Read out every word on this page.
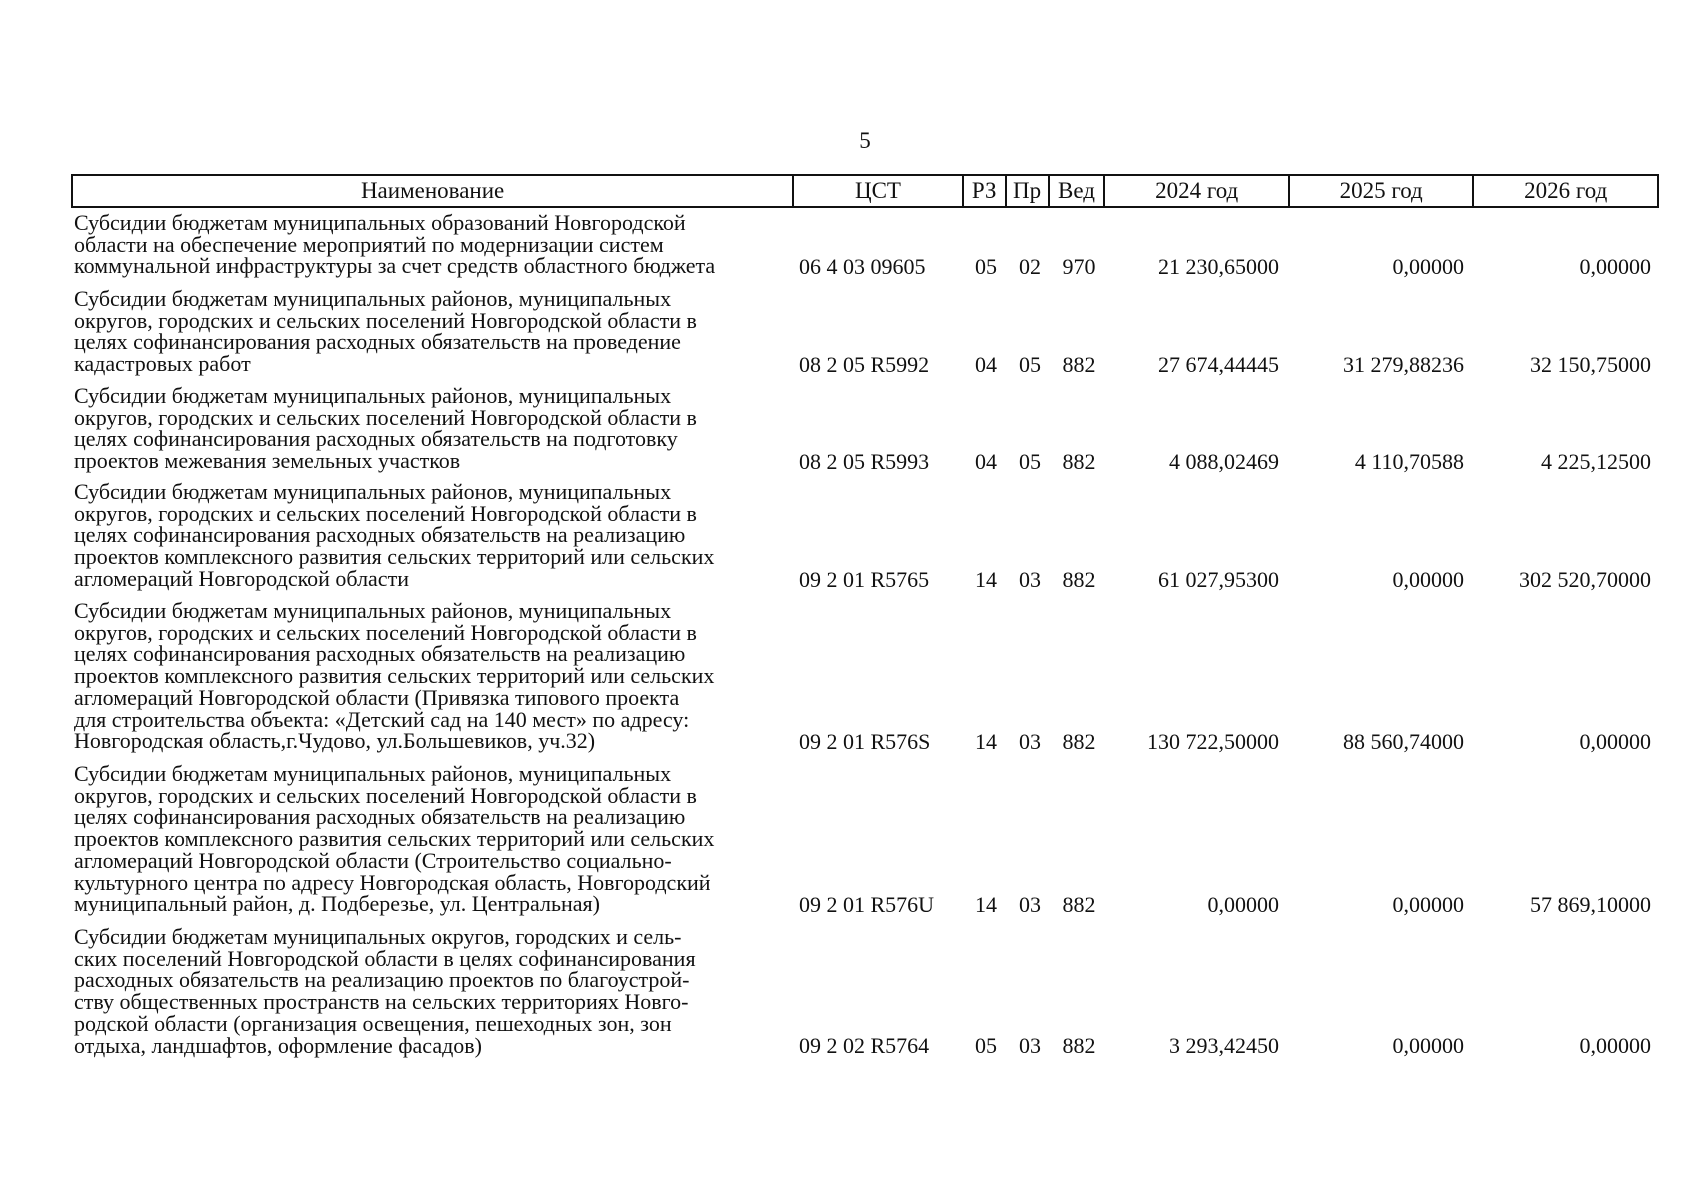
5
Наименование	ЦСТ	РЗ Пр Вед	2024 год	2025 год	2026 год
Субсидии бюджетам муниципальных образований Новгородской
области на обеспечение мероприятий по модернизации систем
коммунальной инфраструктуры за счет средств областного бюджета	06 4 03 09605	05	02 970	21 230,65000	0,00000	0,00000
Субсидии бюджетам муниципальных районов, муниципальных
округов, городских и сельских поселений Новгородской области в
целях софинансирования расходных обязательств на проведение
кадастровых работ	08 2 05 R5992	04	05 882	27 674,44445	31 279,88236	32 150,75000
Субсидии бюджетам муниципальных районов, муниципальных
округов, городских и сельских поселений Новгородской области в
целях софинансирования расходных обязательств на подготовку
проектов межевания земельных участков	08 2 05 R5993	04	05 882	4 088,02469	4 110,70588	4 225,12500
Субсидии бюджетам муниципальных районов, муниципальных
округов, городских и сельских поселений Новгородской области в
целях софинансирования расходных обязательств на реализацию
проектов комплексного развития сельских территорий или сельских
агломераций Новгородской области	09 2 01 R5765	14	03 882	61 027,95300	0,00000	302 520,70000
Субсидии бюджетам муниципальных районов, муниципальных
округов, городских и сельских поселений Новгородской области в
целях софинансирования расходных обязательств на реализацию
проектов комплексного развития сельских территорий или сельских
агломераций Новгородской области (Привязка типового проекта
для строительства объекта: «Детский сад на 140 мест» по адресу:
Новгородская область,г.Чудово, ул.Большевиков, уч.32)	09 2 01 R576S	14	03 882	130 722,50000	88 560,74000	0,00000
Субсидии бюджетам муниципальных районов, муниципальных
округов, городских и сельских поселений Новгородской области в
целях софинансирования расходных обязательств на реализацию
проектов комплексного развития сельских территорий или сельских
агломераций Новгородской области (Строительство социально-
культурного центра по адресу Новгородская область, Новгородский
муниципальный район, д. Подберезье, ул. Центральная)	09 2 01 R576U	14	03 882	0,00000	0,00000	57 869,10000
Субсидии бюджетам муниципальных округов, городских и сель-
ских поселений Новгородской области в целях софинансирования
расходных обязательств на реализацию проектов по благоустрой-
ству общественных пространств на сельских территориях Новго-
родской области (организация освещения, пешеходных зон, зон
отдыха, ландшафтов, оформление фасадов)	09 2 02 R5764	05	03 882	3 293,42450	0,00000	0,00000
